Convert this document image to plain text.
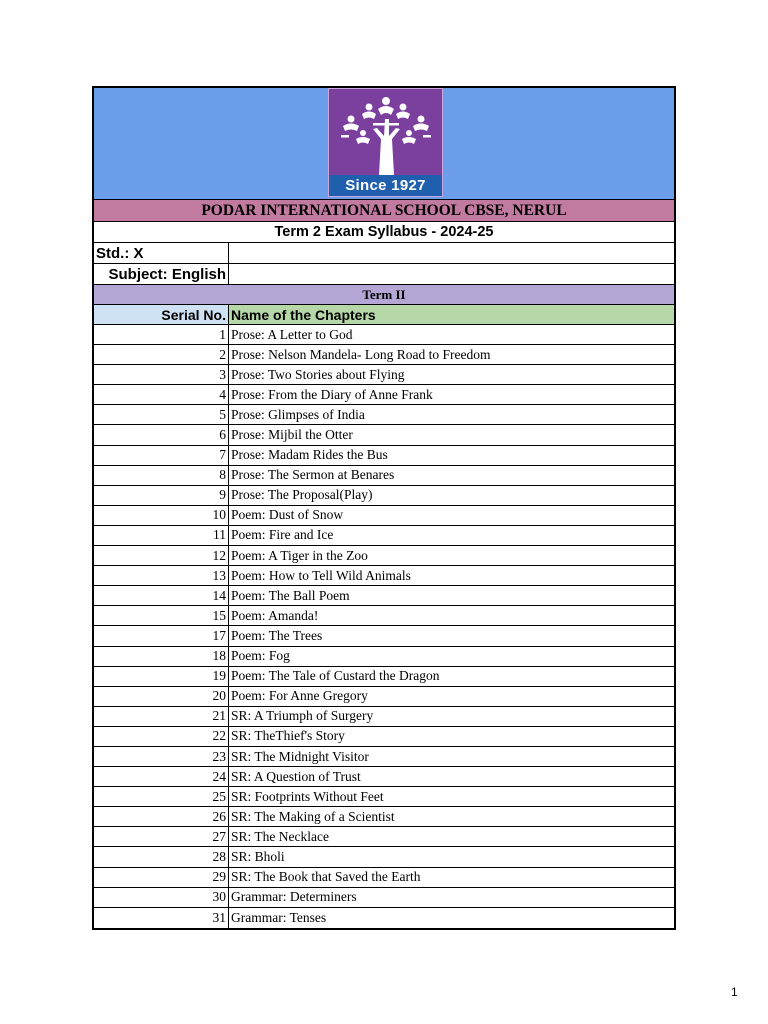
Since 1927
PODAR INTERNATIONAL SCHOOL CBSE, NERUL
Term 2 Exam Syllabus - 2024-25
Std.: X
Subject: English
Term II
Serial No. Name of the Chapters
1 Prose: A Letter to God
2 Prose: Nelson Mandela- Long Road to Freedom
3 Prose: Two Stories about Flying
4 Prose: From the Diary of Anne Frank
5 Prose: Glimpses of India
6 Prose: Mijbil the Otter
7 Prose: Madam Rides the Bus
8 Prose: The Sermon at Benares
9 Prose: The Proposal(Play)
10 Poem: Dust of Snow
11 Poem: Fire and Ice
12 Poem: A Tiger in the Zoo
13 Poem: How to Tell Wild Animals
14 Poem: The Ball Poem
15 Poem: Amanda!
17 Poem: The Trees
18 Poem: Fog
19 Poem: The Tale of Custard the Dragon
20 Poem: For Anne Gregory
21 SR: A Triumph of Surgery
22 SR: TheThief's Story
23 SR: The Midnight Visitor
24 SR: A Question of Trust
25 SR: Footprints Without Feet
26 SR: The Making of a Scientist
27 SR: The Necklace
28 SR: Bholi
29 SR: The Book that Saved the Earth
30 Grammar: Determiners
31 Grammar: Tenses
1
